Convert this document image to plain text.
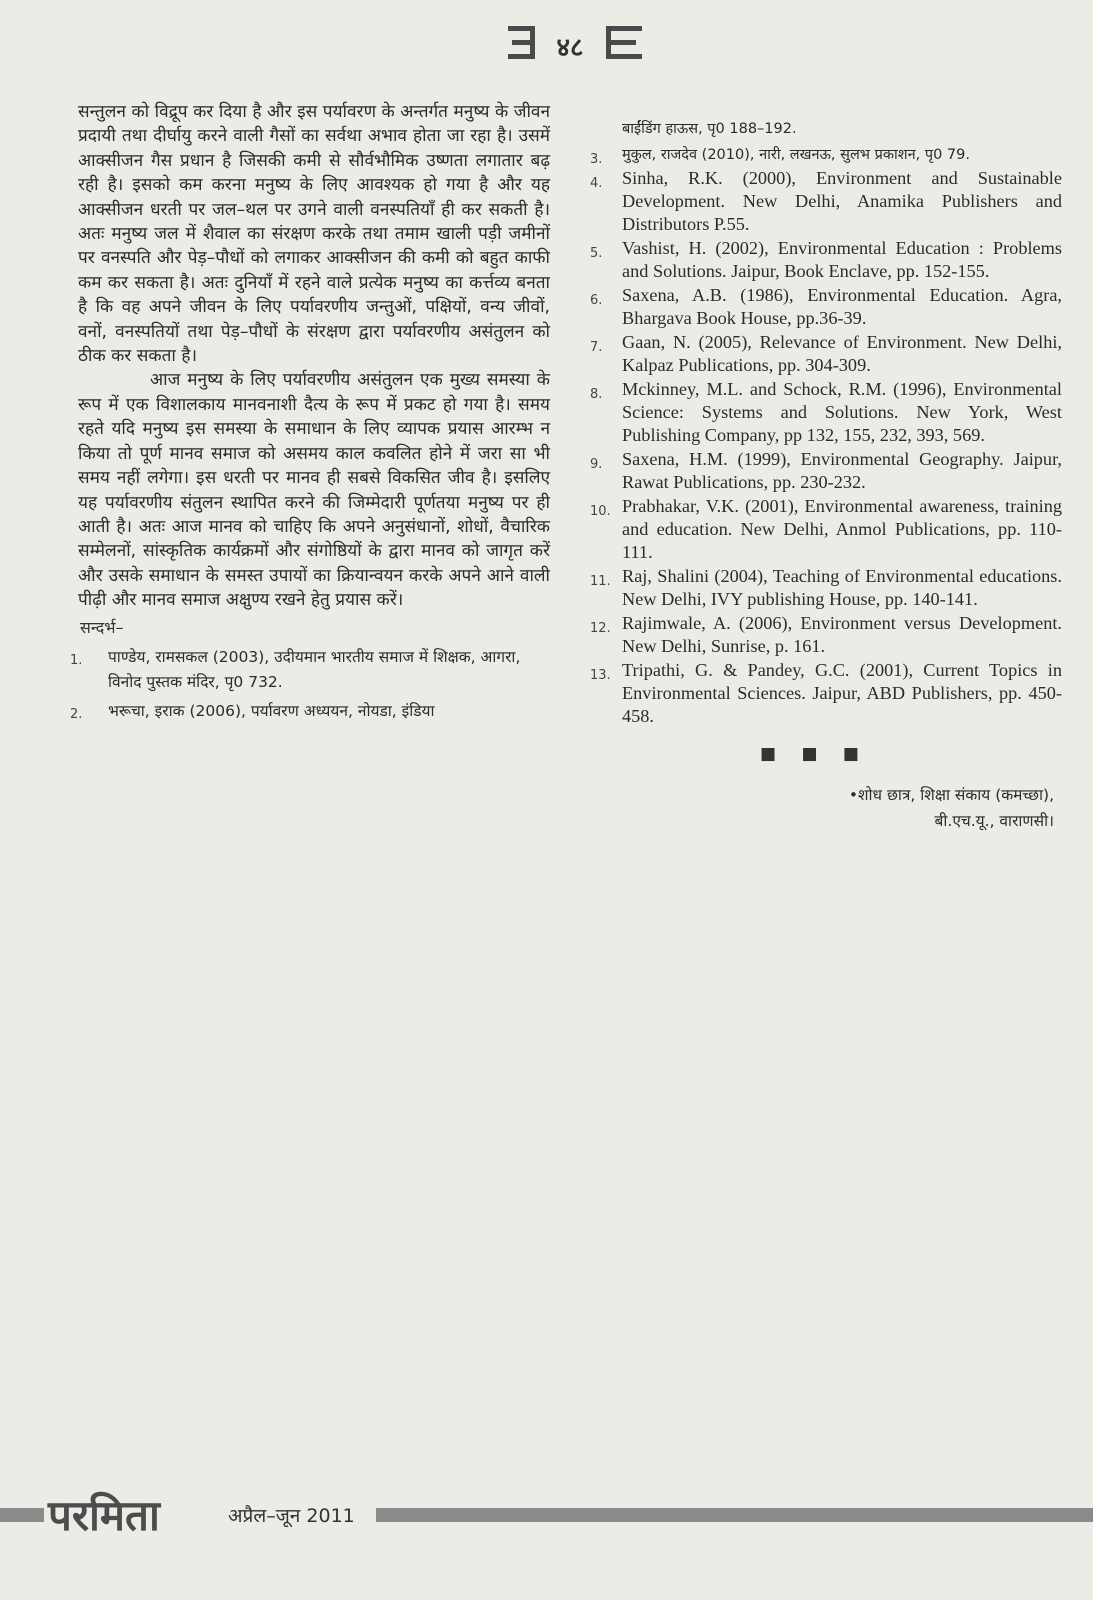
४८

सन्तुलन को विद्रूप कर दिया है और इस पर्यावरण के अन्तर्गत मनुष्य के जीवन प्रदायी तथा दीर्घायु करने वाली गैसों का सर्वथा अभाव होता जा रहा है। उसमें आक्सीजन गैस प्रधान है जिसकी कमी से सौर्वभौमिक उष्णता लगातार बढ़ रही है। इसको कम करना मनुष्य के लिए आवश्यक हो गया है और यह आक्सीजन धरती पर जल–थल पर उगने वाली वनस्पतियाँ ही कर सकती है। अतः मनुष्य जल में शैवाल का संरक्षण करके तथा तमाम खाली पड़ी जमीनों पर वनस्पति और पेड़–पौधों को लगाकर आक्सीजन की कमी को बहुत काफी कम कर सकता है। अतः दुनियाँ में रहने वाले प्रत्येक मनुष्य का कर्त्तव्य बनता है कि वह अपने जीवन के लिए पर्यावरणीय जन्तुओं, पक्षियों, वन्य जीवों, वनों, वनस्पतियों तथा पेड़–पौधों के संरक्षण द्वारा पर्यावरणीय असंतुलन को ठीक कर सकता है।

आज मनुष्य के लिए पर्यावरणीय असंतुलन एक मुख्य समस्या के रूप में एक विशालकाय मानवनाशी दैत्य के रूप में प्रकट हो गया है। समय रहते यदि मनुष्य इस समस्या के समाधान के लिए व्यापक प्रयास आरम्भ न किया तो पूर्ण मानव समाज को असमय काल कवलित होने में जरा सा भी समय नहीं लगेगा। इस धरती पर मानव ही सबसे विकसित जीव है। इसलिए यह पर्यावरणीय संतुलन स्थापित करने की जिम्मेदारी पूर्णतया मनुष्य पर ही आती है। अतः आज मानव को चाहिए कि अपने अनुसंधानों, शोधों, वैचारिक सम्मेलनों, सांस्कृतिक कार्यक्रमों और संगोष्ठियों के द्वारा मानव को जागृत करें और उसके समाधान के समस्त उपायों का क्रियान्वयन करके अपने आने वाली पीढ़ी और मानव समाज अक्षुण्य रखने हेतु प्रयास करें।

सन्दर्भ–
1. पाण्डेय, रामसकल (2003), उदीयमान भारतीय समाज में शिक्षक, आगरा, विनोद पुस्तक मंदिर, पृ0 732.
2. भरूचा, इराक (2006), पर्यावरण अध्ययन, नोयडा, इंडिया
बाईंडिंग हाऊस, पृ0 188–192.
3. मुकुल, राजदेव (2010), नारी, लखनऊ, सुलभ प्रकाशन, पृ0 79.
4. Sinha, R.K. (2000), Environment and Sustainable Development. New Delhi, Anamika Publishers and Distributors P.55.
5. Vashist, H. (2002), Environmental Education : Problems and Solutions. Jaipur, Book Enclave, pp. 152-155.
6. Saxena, A.B. (1986), Environmental Education. Agra, Bhargava Book House, pp.36-39.
7. Gaan, N. (2005), Relevance of Environment. New Delhi, Kalpaz Publications, pp. 304-309.
8. Mckinney, M.L. and Schock, R.M. (1996), Environmental Science: Systems and Solutions. New York, West Publishing Company, pp 132, 155, 232, 393, 569.
9. Saxena, H.M. (1999), Environmental Geography. Jaipur, Rawat Publications, pp. 230-232.
10. Prabhakar, V.K. (2001), Environmental awareness, training and education. New Delhi, Anmol Publications, pp. 110-111.
11. Raj, Shalini (2004), Teaching of Environmental educations. New Delhi, IVY publishing House, pp. 140-141.
12. Rajimwale, A. (2006), Environment versus Development. New Delhi, Sunrise, p. 161.
13. Tripathi, G. & Pandey, G.C. (2001), Current Topics in Environmental Sciences. Jaipur, ABD Publishers, pp. 450-458.
■ ■ ■
•शोध छात्र, शिक्षा संकाय (कमच्छा),
बी.एच.यू., वाराणसी।
परमिता	अप्रैल–जून 2011
